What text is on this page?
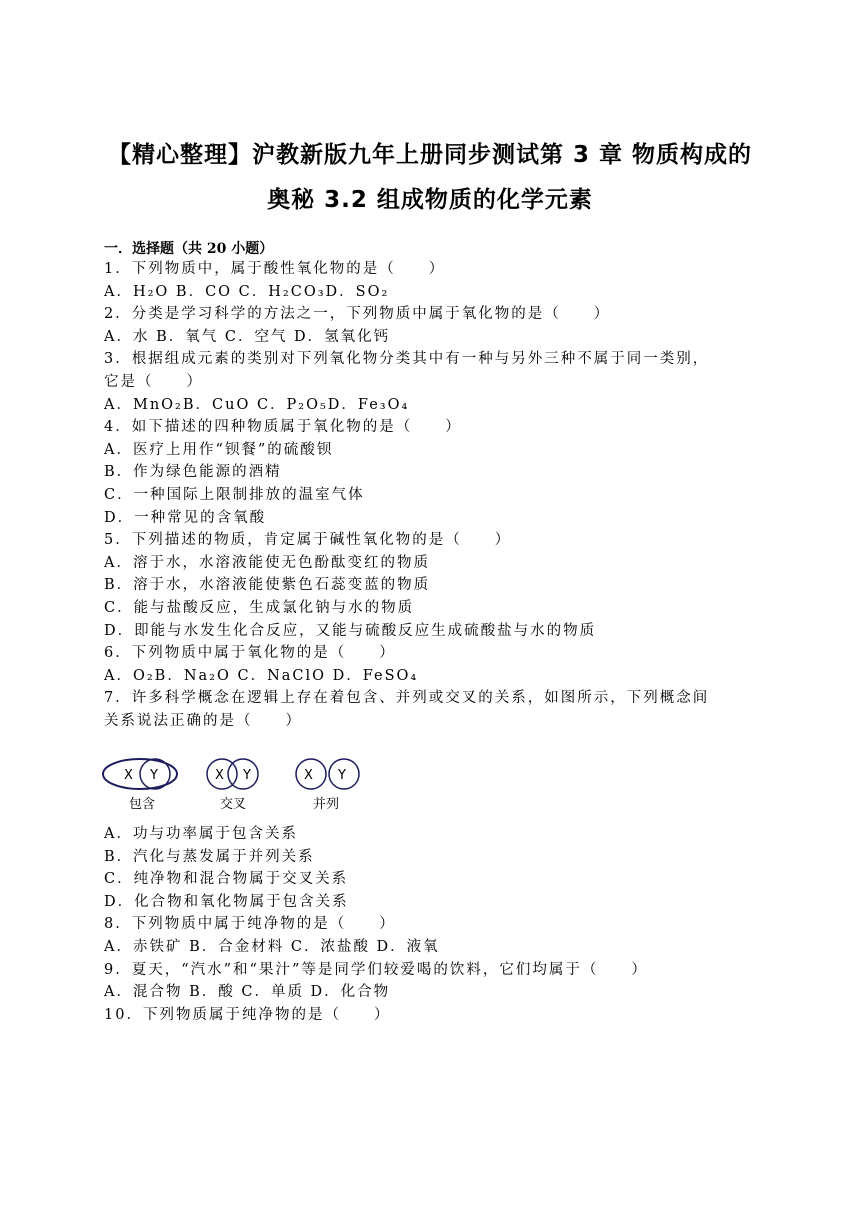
【精心整理】沪教新版九年上册同步测试第 3 章 物质构成的
奥秘 3.2 组成物质的化学元素
一．选择题（共 20 小题）
1．下列物质中，属于酸性氧化物的是（　　）
A．H₂O B．CO C．H₂CO₃D．SO₂
2．分类是学习科学的方法之一，下列物质中属于氧化物的是（　　）
A．水 B．氧气 C．空气 D．氢氧化钙
3．根据组成元素的类别对下列氧化物分类其中有一种与另外三种不属于同一类别，
它是（　　）
A．MnO₂B．CuO C．P₂O₅D．Fe₃O₄
4．如下描述的四种物质属于氧化物的是（　　）
A．医疗上用作“钡餐”的硫酸钡
B．作为绿色能源的酒精
C．一种国际上限制排放的温室气体
D．一种常见的含氧酸
5．下列描述的物质，肯定属于碱性氧化物的是（　　）
A．溶于水，水溶液能使无色酚酞变红的物质
B．溶于水，水溶液能使紫色石蕊变蓝的物质
C．能与盐酸反应，生成氯化钠与水的物质
D．即能与水发生化合反应，又能与硫酸反应生成硫酸盐与水的物质
6．下列物质中属于氧化物的是（　　）
A．O₂B．Na₂O C．NaClO D．FeSO₄
7．许多科学概念在逻辑上存在着包含、并列或交叉的关系，如图所示，下列概念间
关系说法正确的是（　　）
X Y
包含
X Y
交叉
X Y
并列
A．功与功率属于包含关系
B．汽化与蒸发属于并列关系
C．纯净物和混合物属于交叉关系
D．化合物和氧化物属于包含关系
8．下列物质中属于纯净物的是（　　）
A．赤铁矿 B．合金材料 C．浓盐酸 D．液氧
9．夏天，“汽水”和“果汁”等是同学们较爱喝的饮料，它们均属于（　　）
A．混合物 B．酸 C．单质 D．化合物
10．下列物质属于纯净物的是（　　）
